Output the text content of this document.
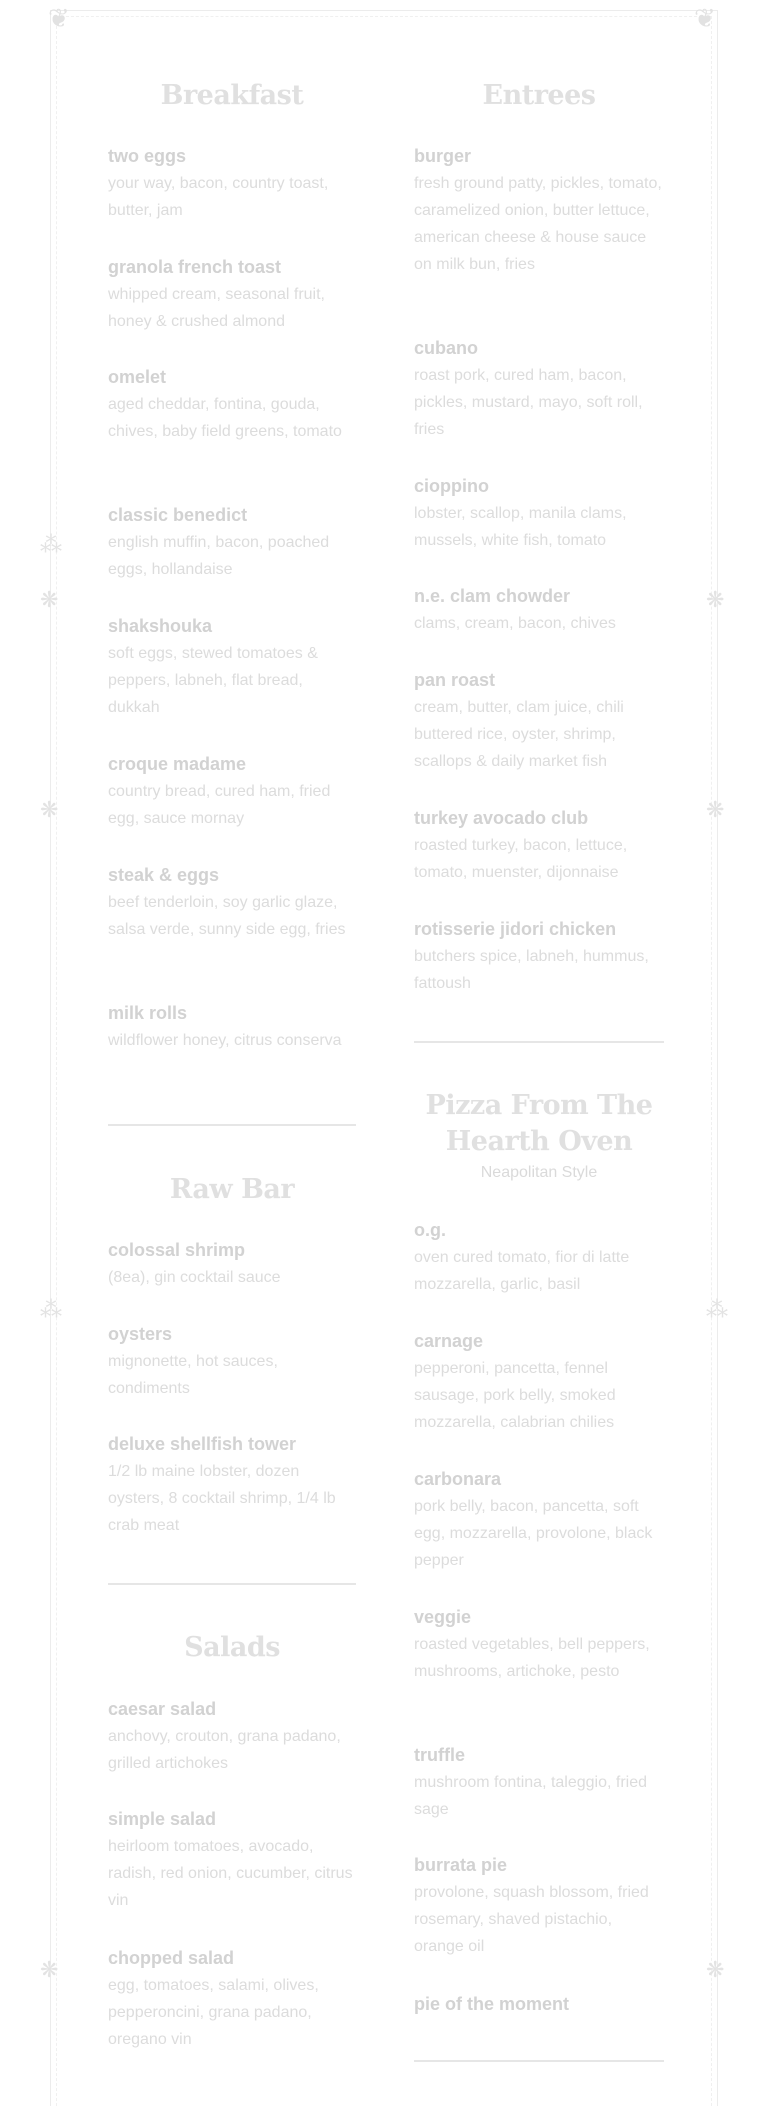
❦	❦
⁂
❋
❋
⁂
❋
❋
❋
⁂
❋
Breakfast
two eggs
your way, bacon, country toast, butter, jam
granola french toast
whipped cream, seasonal fruit, honey & crushed almond
omelet
aged cheddar, fontina, gouda, chives, baby field greens, tomato
classic benedict
english muffin, bacon, poached eggs, hollandaise
shakshouka
soft eggs, stewed tomatoes & peppers, labneh, flat bread, dukkah
croque madame
country bread, cured ham, fried egg, sauce mornay
steak & eggs
beef tenderloin, soy garlic glaze, salsa verde, sunny side egg, fries
milk rolls
wildflower honey, citrus conserva
Raw Bar
colossal shrimp
(8ea), gin cocktail sauce
oysters
mignonette, hot sauces, condiments
deluxe shellfish tower
1/2 lb maine lobster, dozen oysters, 8 cocktail shrimp, 1/4 lb crab meat
Salads
caesar salad
anchovy, crouton, grana padano, grilled artichokes
simple salad
heirloom tomatoes, avocado, radish, red onion, cucumber, citrus vin
chopped salad
egg, tomatoes, salami, olives, pepperoncini, grana padano, oregano vin
Entrees
burger
fresh ground patty, pickles, tomato, caramelized onion, butter lettuce, american cheese & house sauce on milk bun, fries
cubano
roast pork, cured ham, bacon, pickles, mustard, mayo, soft roll, fries
cioppino
lobster, scallop, manila clams, mussels, white fish, tomato
n.e. clam chowder
clams, cream, bacon, chives
pan roast
cream, butter, clam juice, chili buttered rice, oyster, shrimp, scallops & daily market fish
turkey avocado club
roasted turkey, bacon, lettuce, tomato, muenster, dijonnaise
rotisserie jidori chicken
butchers spice, labneh, hummus, fattoush
Pizza From The
Hearth Oven
Neapolitan Style
o.g.
oven cured tomato, fior di latte mozzarella, garlic, basil
carnage
pepperoni, pancetta, fennel sausage, pork belly, smoked mozzarella, calabrian chilies
carbonara
pork belly, bacon, pancetta, soft egg, mozzarella, provolone, black pepper
veggie
roasted vegetables, bell peppers, mushrooms, artichoke, pesto
truffle
mushroom fontina, taleggio, fried sage
burrata pie
provolone, squash blossom, fried rosemary, shaved pistachio, orange oil
pie of the moment
